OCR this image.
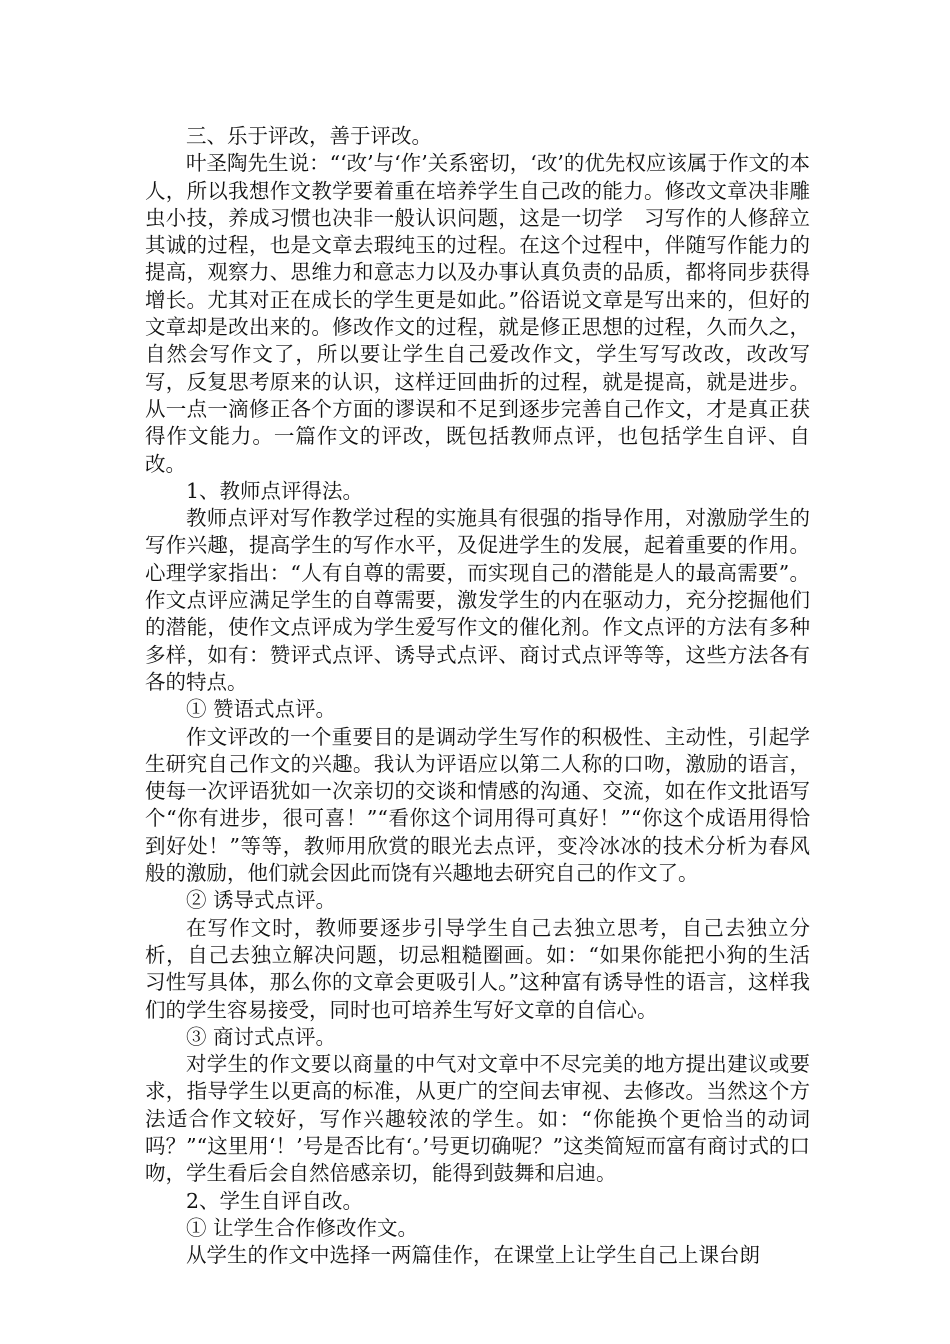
三、乐于评改，善于评改。

叶圣陶先生说：“‘改’与‘作’关系密切，‘改’的优先权应该属于作文的本人，所以我想作文教学要着重在培养学生自己改的能力。修改文章决非雕虫小技，养成习惯也决非一般认识问题，这是一切学　习写作的人修辞立其诚的过程，也是文章去瑕纯玉的过程。在这个过程中，伴随写作能力的提高，观察力、思维力和意志力以及办事认真负责的品质，都将同步获得增长。尤其对正在成长的学生更是如此。”俗语说文章是写出来的，但好的文章却是改出来的。修改作文的过程，就是修正思想的过程，久而久之，自然会写作文了，所以要让学生自己爱改作文，学生写写改改，改改写写，反复思考原来的认识，这样迂回曲折的过程，就是提高，就是进步。从一点一滴修正各个方面的谬误和不足到逐步完善自己作文，才是真正获得作文能力。一篇作文的评改，既包括教师点评，也包括学生自评、自改。

1、教师点评得法。

教师点评对写作教学过程的实施具有很强的指导作用，对激励学生的写作兴趣，提高学生的写作水平，及促进学生的发展，起着重要的作用。心理学家指出：“人有自尊的需要，而实现自己的潜能是人的最高需要”。作文点评应满足学生的自尊需要，激发学生的内在驱动力，充分挖掘他们的潜能，使作文点评成为学生爱写作文的催化剂。作文点评的方法有多种多样，如有：赞评式点评、诱导式点评、商讨式点评等等，这些方法各有各的特点。

① 赞语式点评。

作文评改的一个重要目的是调动学生写作的积极性、主动性，引起学生研究自己作文的兴趣。我认为评语应以第二人称的口吻，激励的语言，使每一次评语犹如一次亲切的交谈和情感的沟通、交流，如在作文批语写个“你有进步，很可喜！”“看你这个词用得可真好！”“你这个成语用得恰到好处！”等等，教师用欣赏的眼光去点评，变冷冰冰的技术分析为春风般的激励，他们就会因此而饶有兴趣地去研究自己的作文了。

② 诱导式点评。

在写作文时，教师要逐步引导学生自己去独立思考，自己去独立分析，自己去独立解决问题，切忌粗糙圈画。如：“如果你能把小狗的生活习性写具体，那么你的文章会更吸引人。”这种富有诱导性的语言，这样我们的学生容易接受，同时也可培养生写好文章的自信心。

③ 商讨式点评。

对学生的作文要以商量的中气对文章中不尽完美的地方提出建议或要求，指导学生以更高的标准，从更广的空间去审视、去修改。当然这个方法适合作文较好，写作兴趣较浓的学生。如：“你能换个更恰当的动词吗？”“这里用‘！’号是否比有‘。’号更切确呢？”这类简短而富有商讨式的口吻，学生看后会自然倍感亲切，能得到鼓舞和启迪。

2、学生自评自改。

① 让学生合作修改作文。

从学生的作文中选择一两篇佳作，在课堂上让学生自己上课台朗
